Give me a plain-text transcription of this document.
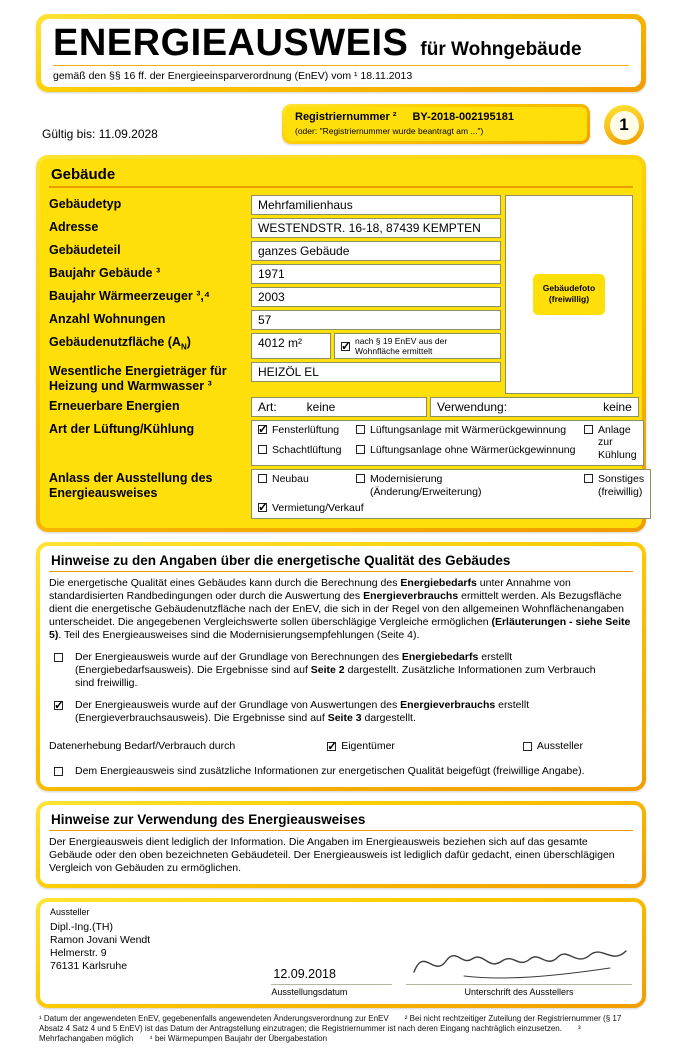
ENERGIEAUSWEIS für Wohngebäude
gemäß den §§ 16 ff. der Energieeinsparverordnung (EnEV) vom ¹ 18.11.2013
Gültig bis: 11.09.2028
Registriernummer ² BY-2018-002195181
(oder: "Registriernummer wurde beantragt am ...")	1
Gebäude
Gebäudetyp	Mehrfamilienhaus
Adresse	WESTENDSTR. 16-18, 87439 KEMPTEN
Gebäudeteil	ganzes Gebäude
Baujahr Gebäude ³	1971
Baujahr Wärmeerzeuger ³,⁴	2003
Anzahl Wohnungen	57
Gebäudenutzfläche $(A_N)$	4012 m² ✓	nach § 19 EnEV aus der Wohnfläche ermittelt
Wesentliche Energieträger für Heizung und Warmwasser ³
HEIZÖL EL
Gebäudefoto
(freiwillig)
Erneuerbare Energien	Art:	keine	Verwendung:	keine
Art der Lüftung/Kühlung ✓	Fensterlüftung	Lüftungsanlage mit Wärmerückgewinnung	Anlage zur Kühlung
Schachtlüftung	Lüftungsanlage ohne Wärmerückgewinnung
Anlass der Ausstellung des Energieausweises
Neubau	Modernisierung (Änderung/Erweiterung)
Sonstiges (freiwillig)
✓
Vermietung/Verkauf
Hinweise zu den Angaben über die energetische Qualität des Gebäudes

Die energetische Qualität eines Gebäudes kann durch die Berechnung des Energiebedarfs unter Annahme von standardisierten Randbedingungen oder durch die Auswertung des Energieverbrauchs ermittelt werden. Als Bezugsfläche dient die energetische Gebäudenutzfläche nach der EnEV, die sich in der Regel von den allgemeinen Wohnflächenangaben unterscheidet. Die angegebenen Vergleichswerte sollen überschlägige Vergleiche ermöglichen (Erläuterungen - siehe Seite 5). Teil des Energieausweises sind die Modernisierungsempfehlungen (Seite 4).

Der Energieausweis wurde auf der Grundlage von Berechnungen des Energiebedarfs erstellt (Energiebedarfsausweis). Die Ergebnisse sind auf Seite 2 dargestellt. Zusätzliche Informationen zum Verbrauch sind freiwillig.
✓
Der Energieausweis wurde auf der Grundlage von Auswertungen des Energieverbrauchs erstellt (Energieverbrauchsausweis). Die Ergebnisse sind auf Seite 3 dargestellt.
Datenerhebung Bedarf/Verbrauch durch ✓	Eigentümer	Aussteller
Dem Energieausweis sind zusätzliche Informationen zur energetischen Qualität beigefügt (freiwillige Angabe).
Hinweise zur Verwendung des Energieausweises

Der Energieausweis dient lediglich der Information. Die Angaben im Energieausweis beziehen sich auf das gesamte Gebäude oder den oben bezeichneten Gebäudeteil. Der Energieausweis ist lediglich dafür gedacht, einen überschlägigen Vergleich von Gebäuden zu ermöglichen.

Aussteller
Dipl.-Ing.(TH)
Ramon Jovani Wendt
Helmerstr. 9
76131 Karlsruhe
12.09.2018
Ausstellungsdatum	Unterschrift des Ausstellers
¹ Datum der angewendeten EnEV, gegebenenfalls angewendeten Änderungsverordnung zur EnEV ² Bei nicht rechtzeitiger Zuteilung der Registriernummer (§ 17 Absatz 4 Satz 4 und 5 EnEV) ist das Datum der Antragstellung einzutragen; die Registriernummer ist nach deren Eingang nachträglich einzusetzen. ³ Mehrfachangaben möglich ⁴ bei Wärmepumpen Baujahr der Übergabestation
